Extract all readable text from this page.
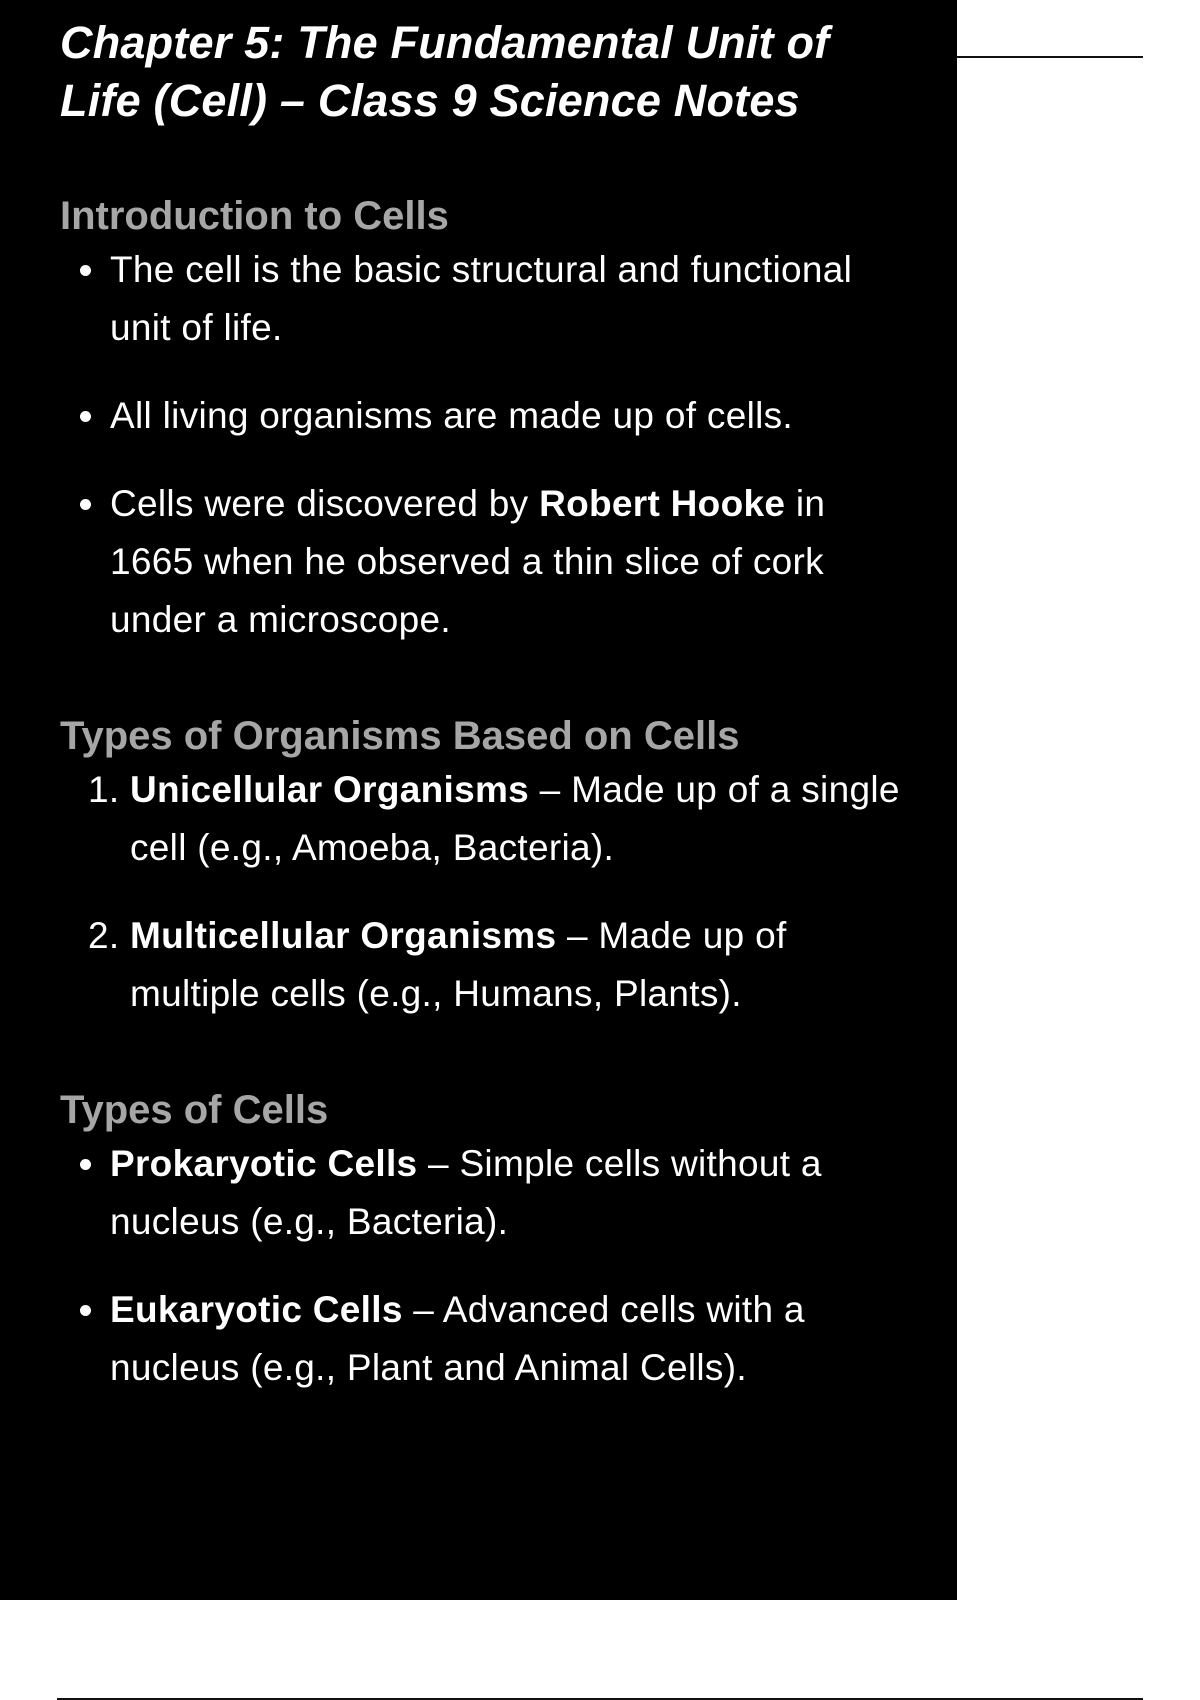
Chapter 5: The Fundamental Unit of Life (Cell) – Class 9 Science Notes
Introduction to Cells
The cell is the basic structural and functional unit of life.
All living organisms are made up of cells.
Cells were discovered by Robert Hooke in 1665 when he observed a thin slice of cork under a microscope.
Types of Organisms Based on Cells
1. Unicellular Organisms – Made up of a single cell (e.g., Amoeba, Bacteria).
2. Multicellular Organisms – Made up of multiple cells (e.g., Humans, Plants).
Types of Cells
Prokaryotic Cells – Simple cells without a nucleus (e.g., Bacteria).
Eukaryotic Cells – Advanced cells with a nucleus (e.g., Plant and Animal Cells).
